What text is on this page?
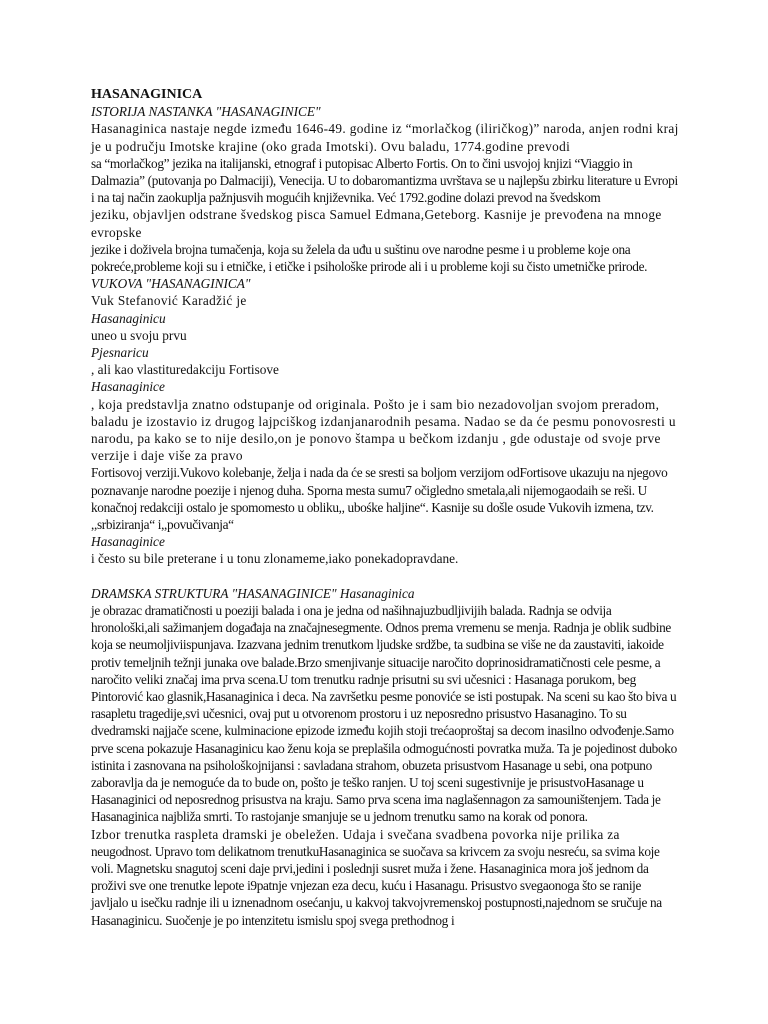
HASANAGINICA

ISTORIJA NASTANKA "HASANAGINICE"

Hasanaginica nastaje negde između 1646-49. godine iz “morlačkog (iliričkog)” naroda, anjen rodni kraj je u području Imotske krajine (oko grada Imotski). Ovu baladu, 1774.godine prevodi

sa “morlačkog” jezika na italijanski, etnograf i putopisac Alberto Fortis. On to čini usvojoj knjizi “Viaggio in Dalmazia” (putovanja po Dalmaciji), Venecija. U to dobaromantizma uvrštava se u najlepšu zbirku literature u Evropi i na taj način zaokuplja pažnjusvih mogućih književnika. Već 1792.godine dolazi prevod na švedskom

jeziku, objavljen odstrane švedskog pisca Samuel Edmana,Geteborg. Kasnije je prevođena na mnoge evropske

jezike i doživela brojna tumačenja, koja su želela da uđu u suštinu ove narodne pesme i u probleme koje ona pokreće,probleme koji su i etničke, i etičke i psihološke prirode ali i u probleme koji su čisto umetničke prirode.

VUKOVA "HASANAGINICA"

Vuk Stefanović Karadžić je

Hasanaginicu

uneo u svoju prvu

Pjesnaricu

, ali kao vlastituredakciju Fortisove

Hasanaginice

, koja predstavlja znatno odstupanje od originala. Pošto je i sam bio nezadovoljan svojom preradom, baladu je izostavio iz drugog lajpciškog izdanjanarodnih pesama. Nadao se da će pesmu ponovosresti u narodu, pa kako se to nije desilo,on je ponovo štampa u bečkom izdanju , gde odustaje od svoje prve verzije i daje više za pravo

Fortisovoj verziji.Vukovo kolebanje, želja i nada da će se sresti sa boljom verzijom odFortisove ukazuju na njegovo poznavanje narodne poezije i njenog duha. Sporna mesta sumu7 očigledno smetala,ali nijemogaodaih se reši. U konačnoj redakciji ostalo je spomomesto u obliku,, ubośke haljine“. Kasnije su došle osude Vukovih izmena, tzv. ,,srbiziranja“ i,,povučivanja“

Hasanaginice

i često su bile preterane i u tonu zlonameme,iako ponekadopravdane.

DRAMSKA STRUKTURA "HASANAGINICE" Hasanaginica

je obrazac dramatičnosti u poeziji balada i ona je jedna od našihnajuzbudljivijih balada. Radnja se odvija hronološki,ali sažimanjem događaja na značajnesegmente. Odnos prema vremenu se menja. Radnja je oblik sudbine koja se neumoljiviispunjava. Izazvana jednim trenutkom ljudske srdžbe, ta sudbina se više ne da zaustaviti, iakoide protiv temeljnih težnji junaka ove balade.Brzo smenjivanje situacije naročito doprinosidramatičnosti cele pesme, a naročito veliki značaj ima prva scena.U tom trenutku radnje prisutni su svi učesnici : Hasanaga porukom, beg Pintorović kao glasnik,Hasanaginica i deca. Na završetku pesme ponoviće se isti postupak. Na sceni su kao što biva u rasapletu tragedije,svi učesnici, ovaj put u otvorenom prostoru i uz neposredno prisustvo Hasanagino. To su dvedramski najjače scene, kulminacione epizode između kojih stoji trećaoproštaj sa decom inasilno odvođenje.Samo prve scena pokazuje Hasanaginicu kao ženu koja se preplašila odmogućnosti povratka muža. Ta je pojedinost duboko istinita i zasnovana na psihološkojnijansi : savladana strahom, obuzeta prisustvom Hasanage u sebi, ona potpuno zaboravlja da je nemoguće da to bude on, pošto je teško ranjen. U toj sceni sugestivnije je prisustvoHasanage u Hasanaginici od neposrednog prisustva na kraju. Samo prva scena ima naglašennagon za samouništenjem. Tada je Hasanaginica najbliža smrti. To rastojanje smanjuje se u jednom trenutku samo na korak od ponora.

Izbor trenutka raspleta dramski je obeležen. Udaja i svečana svadbena povorka nije prilika za

neugodnost. Upravo tom delikatnom trenutkuHasanaginica se suočava sa krivcem za svoju nesreću, sa svima koje voli. Magnetsku snagutoj sceni daje prvi,jedini i poslednji susret muža i žene. Hasanaginica mora još jednom da proživi sve one trenutke lepote i9patnje vnjezan eza decu, kuću i Hasanagu. Prisustvo svegaonoga što se ranije javljalo u isečku radnje ili u iznenadnom osećanju, u kakvoj takvojvremenskoj postupnosti,najednom se sručuje na Hasanaginicu. Suočenje je po intenzitetu ismislu spoj svega prethodnog i
